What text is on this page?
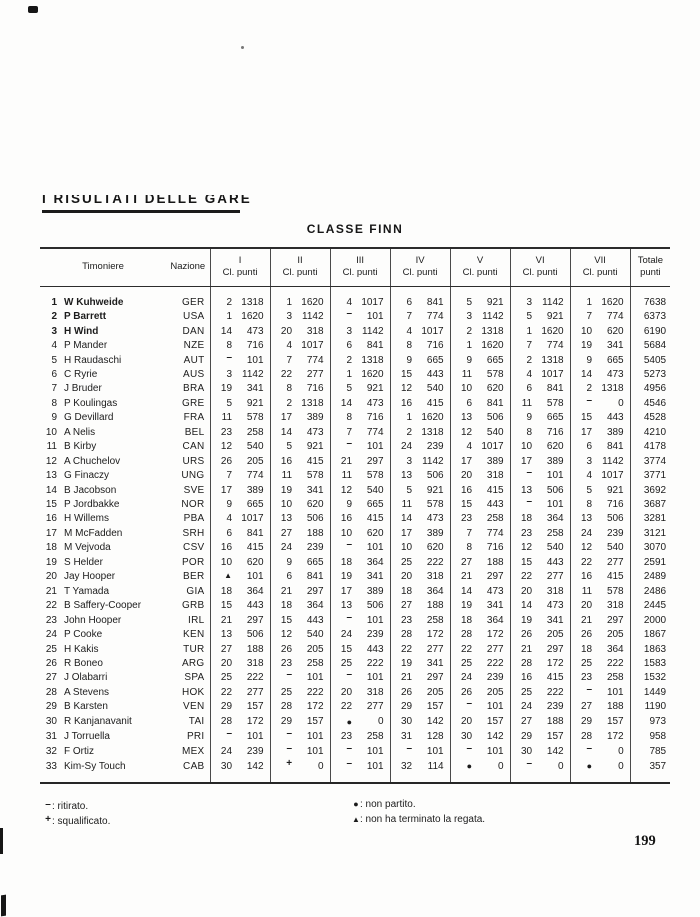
I RISULTATI DELLE GARE
CLASSE FINN
Timoniere	Nazione	
I
Cl. punti

II
Cl. punti

III
Cl. punti

IV
Cl. punti

V
Cl. punti

VI
Cl. punti

VII
Cl. punti

Totale
punti

1	W Kuhweide	GER	2	1318	1	1620	4	1017	6	841	5	921	3	1142	1	1620	7638
2	P Barrett	USA	1	1620	3	1142	–	101	7	774	3	1142	5	921	7	774	6373
3	H Wind	DAN	14	473	20	318	3	1142	4	1017	2	1318	1	1620	10	620	6190
4	P Mander	NZE	8	716	4	1017	6	841	8	716	1	1620	7	774	19	341	5684
5	H Raudaschi	AUT	–	101	7	774	2	1318	9	665	9	665	2	1318	9	665	5405
6	C Ryrie	AUS	3	1142	22	277	1	1620	15	443	11	578	4	1017	14	473	5273
7	J Bruder	BRA	19	341	8	716	5	921	12	540	10	620	6	841	2	1318	4956
8	P Koulingas	GRE	5	921	2	1318	14	473	16	415	6	841	11	578	–	0	4546
9	G Devillard	FRA	11	578	17	389	8	716	1	1620	13	506	9	665	15	443	4528
10	A Nelis	BEL	23	258	14	473	7	774	2	1318	12	540	8	716	17	389	4210
11	B Kirby	CAN	12	540	5	921	–	101	24	239	4	1017	10	620	6	841	4178
12	A Chuchelov	URS	26	205	16	415	21	297	3	1142	17	389	17	389	3	1142	3774
13	G Finaczy	UNG	7	774	11	578	11	578	13	506	20	318	–	101	4	1017	3771
14	B Jacobson	SVE	17	389	19	341	12	540	5	921	16	415	13	506	5	921	3692
15	P Jordbakke	NOR	9	665	10	620	9	665	11	578	15	443	–	101	8	716	3687
16	H Willems	PBA	4	1017	13	506	16	415	14	473	23	258	18	364	13	506	3281
17	M McFadden	SRH	6	841	27	188	10	620	17	389	7	774	23	258	24	239	3121
18	M Vejvoda	CSV	16	415	24	239	–	101	10	620	8	716	12	540	12	540	3070
19	S Helder	POR	10	620	9	665	18	364	25	222	27	188	15	443	22	277	2591
20	Jay Hooper	BER	▲	101	6	841	19	341	20	318	21	297	22	277	16	415	2489
21	T Yamada	GIA	18	364	21	297	17	389	18	364	14	473	20	318	11	578	2486
22	B Saffery-Cooper	GRB	15	443	18	364	13	506	27	188	19	341	14	473	20	318	2445
23	John Hooper	IRL	21	297	15	443	–	101	23	258	18	364	19	341	21	297	2000
24	P Cooke	KEN	13	506	12	540	24	239	28	172	28	172	26	205	26	205	1867
25	H Kakis	TUR	27	188	26	205	15	443	22	277	22	277	21	297	18	364	1863
26	R Boneo	ARG	20	318	23	258	25	222	19	341	25	222	28	172	25	222	1583
27	J Olabarri	SPA	25	222	–	101	–	101	21	297	24	239	16	415	23	258	1532
28	A Stevens	HOK	22	277	25	222	20	318	26	205	26	205	25	222	–	101	1449
29	B Karsten	VEN	29	157	28	172	22	277	29	157	–	101	24	239	27	188	1190
30	R Kanjanavanit	TAI	28	172	29	157	●	0	30	142	20	157	27	188	29	157	973
31	J Torruella	PRI	–	101	–	101	23	258	31	128	30	142	29	157	28	172	958
32	F Ortiz	MEX	24	239	–	101	–	101	–	101	–	101	30	142	–	0	785
33	Kim-Sy Touch	CAB	30	142	+	0	–	101	32	114	●	0	–	0	●	0	357
–: ritirato.
+: squalificato.
●: non partito.
▲: non ha terminato la regata.
199
